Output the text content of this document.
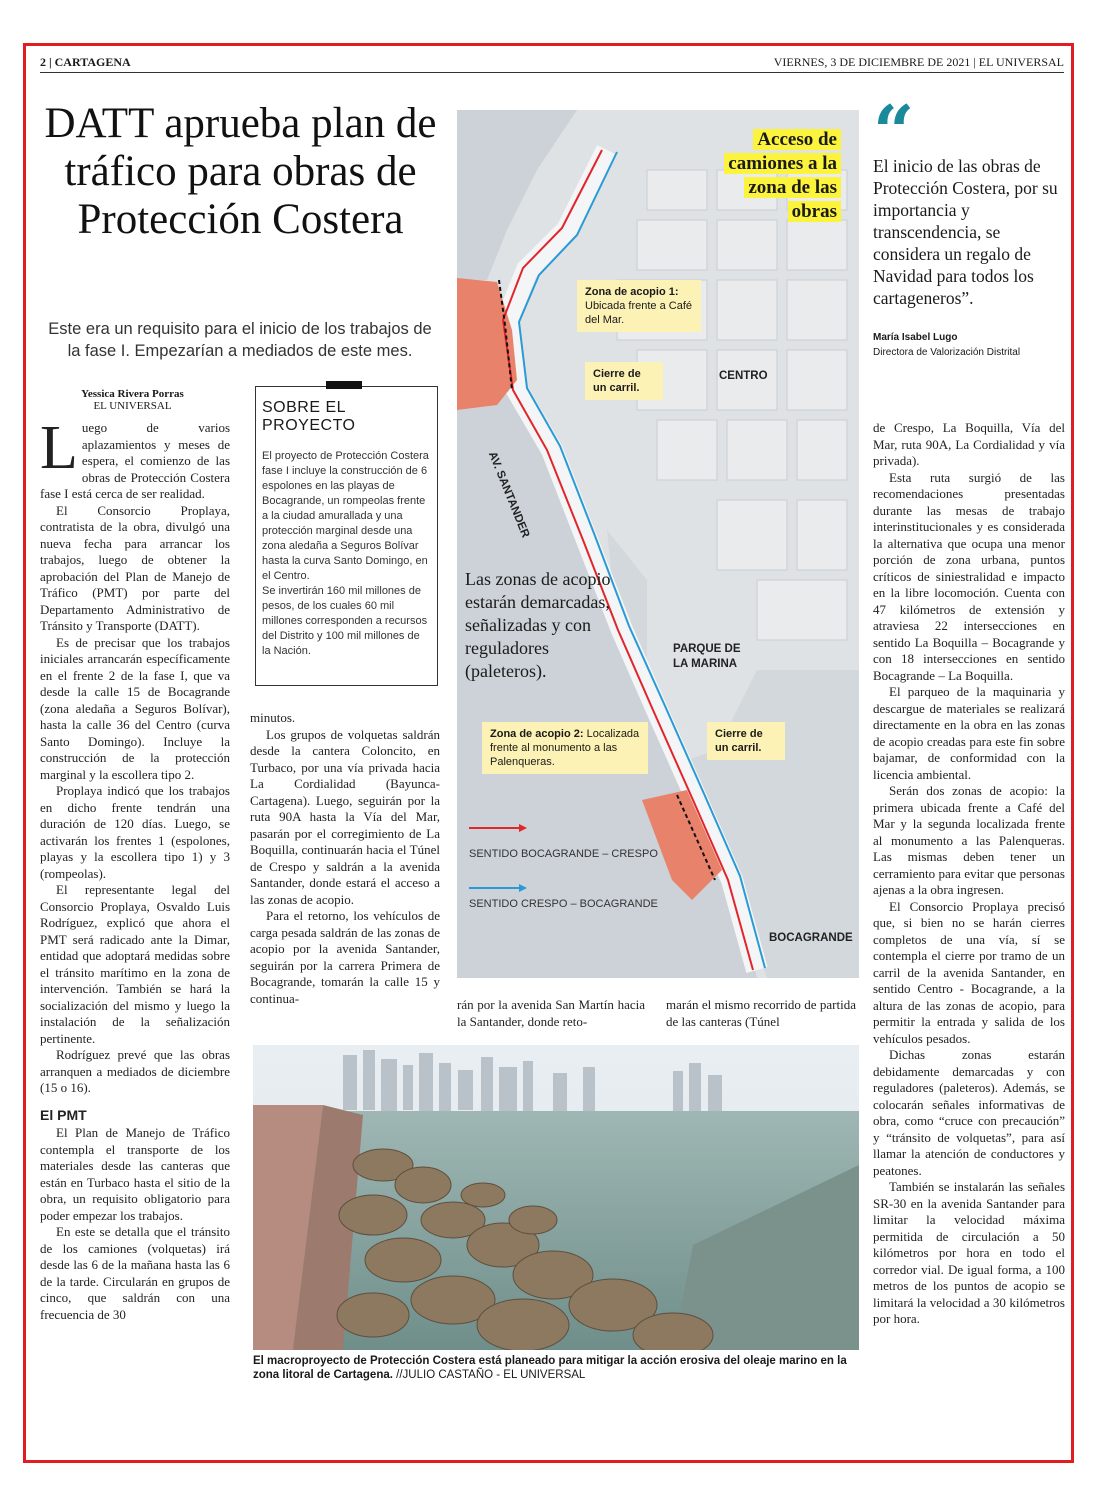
2 | CARTAGENA	VIERNES, 3 DE DICIEMBRE DE 2021 | EL UNIVERSAL
DATT aprueba plan de tráfico para obras de Protección Costera
Este era un requisito para el inicio de los trabajos de la fase I. Empezarían a mediados de este mes.
Yessica Rivera Porras
EL UNIVERSAL

Luego de varios aplazamientos y meses de espera, el comienzo de las obras de Protección Costera fase I está cerca de ser realidad.

El Consorcio Proplaya, contratista de la obra, divulgó una nueva fecha para arrancar los trabajos, luego de obtener la aprobación del Plan de Manejo de Tráfico (PMT) por parte del Departamento Administrativo de Tránsito y Transporte (DATT).

Es de precisar que los trabajos iniciales arrancarán específicamente en el frente 2 de la fase I, que va desde la calle 15 de Bocagrande (zona aledaña a Seguros Bolívar), hasta la calle 36 del Centro (curva Santo Domingo). Incluye la construcción de la protección marginal y la escollera tipo 2.

Proplaya indicó que los trabajos en dicho frente tendrán una duración de 120 días. Luego, se activarán los frentes 1 (espolones, playas y la escollera tipo 1) y 3 (rompeolas).

El representante legal del Consorcio Proplaya, Osvaldo Luis Rodríguez, explicó que ahora el PMT será radicado ante la Dimar, entidad que adoptará medidas sobre el tránsito marítimo en la zona de intervención. También se hará la socialización del mismo y luego la instalación de la señalización pertinente.

Rodríguez prevé que las obras arranquen a mediados de diciembre (15 o 16).

El PMT

El Plan de Manejo de Tráfico contempla el transporte de los materiales desde las canteras que están en Turbaco hasta el sitio de la obra, un requisito obligatorio para poder empezar los trabajos.

En este se detalla que el tránsito de los camiones (volquetas) irá desde las 6 de la mañana hasta las 6 de la tarde. Circularán en grupos de cinco, que saldrán con una frecuencia de 30

SOBRE EL PROYECTO

El proyecto de Protección Costera fase I incluye la construcción de 6 espolones en las playas de Bocagrande, un rompeolas frente a la ciudad amurallada y una protección marginal desde una zona aledaña a Seguros Bolívar hasta la curva Santo Domingo, en el Centro.

Se invertirán 160 mil millones de pesos, de los cuales 60 mil millones corresponden a recursos del Distrito y 100 mil millones de la Nación.

minutos.

Los grupos de volquetas saldrán desde la cantera Coloncito, en Turbaco, por una vía privada hacia La Cordialidad (Bayunca- Cartagena). Luego, seguirán por la ruta 90A hasta la Vía del Mar, pasarán por el corregimiento de La Boquilla, continuarán hacia el Túnel de Crespo y saldrán a la avenida Santander, donde estará el acceso a las zonas de acopio.

Para el retorno, los vehículos de carga pesada saldrán de las zonas de acopio por la avenida Santander, seguirán por la carrera Primera de Bocagrande, tomarán la calle 15 y continua-

Acceso de
camiones a la
zona de las
obras
Zona de acopio 1:
Ubicada frente a Café del Mar.
Cierre de un carril.
CENTRO
AV. SANTANDER
Las zonas de acopio estarán demarcadas, señalizadas y con reguladores (paleteros).
PARQUE DE LA MARINA
Zona de acopio 2: Localizada frente al monumento a las Palenqueras.
Cierre de un carril.
SENTIDO BOCAGRANDE – CRESPO
SENTIDO CRESPO – BOCAGRANDE
BOCAGRANDE

rán por la avenida San Martín hacia la Santander, donde reto-

marán el mismo recorrido de partida de las canteras (Túnel

“
El inicio de las obras de Protección Costera, por su importancia y transcendencia, se considera un regalo de Navidad para todos los cartageneros”.
María Isabel Lugo
Directora de Valorización Distrital

de Crespo, La Boquilla, Vía del Mar, ruta 90A, La Cordialidad y vía privada).

Esta ruta surgió de las recomendaciones presentadas durante las mesas de trabajo interinstitucionales y es considerada la alternativa que ocupa una menor porción de zona urbana, puntos críticos de siniestralidad e impacto en la libre locomoción. Cuenta con 47 kilómetros de extensión y atraviesa 22 intersecciones en sentido La Boquilla – Bocagrande y con 18 intersecciones en sentido Bocagrande – La Boquilla.

El parqueo de la maquinaria y descargue de materiales se realizará directamente en la obra en las zonas de acopio creadas para este fin sobre bajamar, de conformidad con la licencia ambiental.

Serán dos zonas de acopio: la primera ubicada frente a Café del Mar y la segunda localizada frente al monumento a las Palenqueras. Las mismas deben tener un cerramiento para evitar que personas ajenas a la obra ingresen.

El Consorcio Proplaya precisó que, si bien no se harán cierres completos de una vía, sí se contempla el cierre por tramo de un carril de la avenida Santander, en sentido Centro - Bocagrande, a la altura de las zonas de acopio, para permitir la entrada y salida de los vehículos pesados.

Dichas zonas estarán debidamente demarcadas y con reguladores (paleteros). Además, se colocarán señales informativas de obra, como “cruce con precaución” y “tránsito de volquetas”, para así llamar la atención de conductores y peatones.

También se instalarán las señales SR-30 en la avenida Santander para limitar la velocidad máxima permitida de circulación a 50 kilómetros por hora en todo el corredor vial. De igual forma, a 100 metros de los puntos de acopio se limitará la velocidad a 30 kilómetros por hora.

El macroproyecto de Protección Costera está planeado para mitigar la acción erosiva del oleaje marino en la zona litoral de Cartagena. //JULIO CASTAÑO - EL UNIVERSAL
